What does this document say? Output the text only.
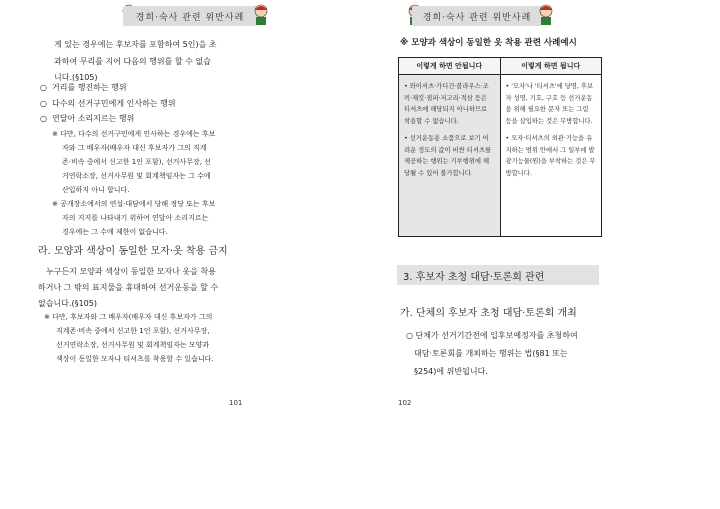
경희·숙사 관련 위반사례
게 있는 경우에는 후보자를 포함하여 5인)을 초
과하여 무리를 지어 다음의 행위를 할 수 없습
니다.(§105)
○ 거리를 행진하는 행위
○ 다수의 선거구민에게 인사하는 행위
○ 연달아 소리지르는 행위
※ 다만, 다수의 선거구민에게 인사하는 경우에는 후보
자와 그 배우자(배우자 대신 후보자가 그의 직계
존·비속 중에서 신고한 1인 포함), 선거사무장, 선
거연락소장, 선거사무원 및 회계책임자는 그 수에
산입하지 아니 합니다.
※ 공개장소에서의 연설·대담에서 당해 정당 또는 후보
자의 지지를 나타내기 위하여 연달아 소리지르는
경우에는 그 수에 제한이 없습니다.
라. 모양과 색상이 동일한 모자·옷 착용 금지
누구든지 모양과 색상이 동일한 모자나 옷을 착용
하거나 그 밖의 표지물을 휴대하여 선거운동을 할 수
없습니다.(§105)
※ 다만, 후보자와 그 배우자(배우자 대신 후보자가 그의
직계존·비속 중에서 신고한 1인 포함), 선거사무장,
선거연락소장, 선거사무원 및 회계책임자는 모양과
색상이 동일한 모자나 티셔츠를 착용할 수 있습니다.
101
경희·숙사 관련 위반사례
※ 모양과 색상이 동일한 옷 착용 관련 사례예시
이렇게 하면 안됩니다

• 와이셔츠·가디건·블라우스·조끼·재킷·점퍼·저고리·적삼 등은 티셔츠에 해당되지 아니하므로 착용할 수 없습니다.

• 선거운동용 소품으로 보기 어려운 정도의 값이 비싼 티셔츠를 제공하는 행위는 기부행위에 해당될 수 있어 불가합니다.

이렇게 하면 됩니다

• '모자'나 '티셔츠'에 당명, 후보자 성명, 기호, 구호 등 선거운동을 위해 필요한 문자 또는 그림 등을 삽입하는 것은 무방합니다.

• 모자·티셔츠의 외관·기능을 유지하는 범위 안에서 그 일부에 발광기능물(원)을 부착하는 것은 무방합니다.

3. 후보자 초청 대담·토론회 관련
가. 단체의 후보자 초청 대담·토론회 개최
○ 단체가 선거기간전에 입후보예정자를 초청하여
대담·토론회를 개최하는 행위는 법(§81 또는
§254)에 위반됩니다.
102
